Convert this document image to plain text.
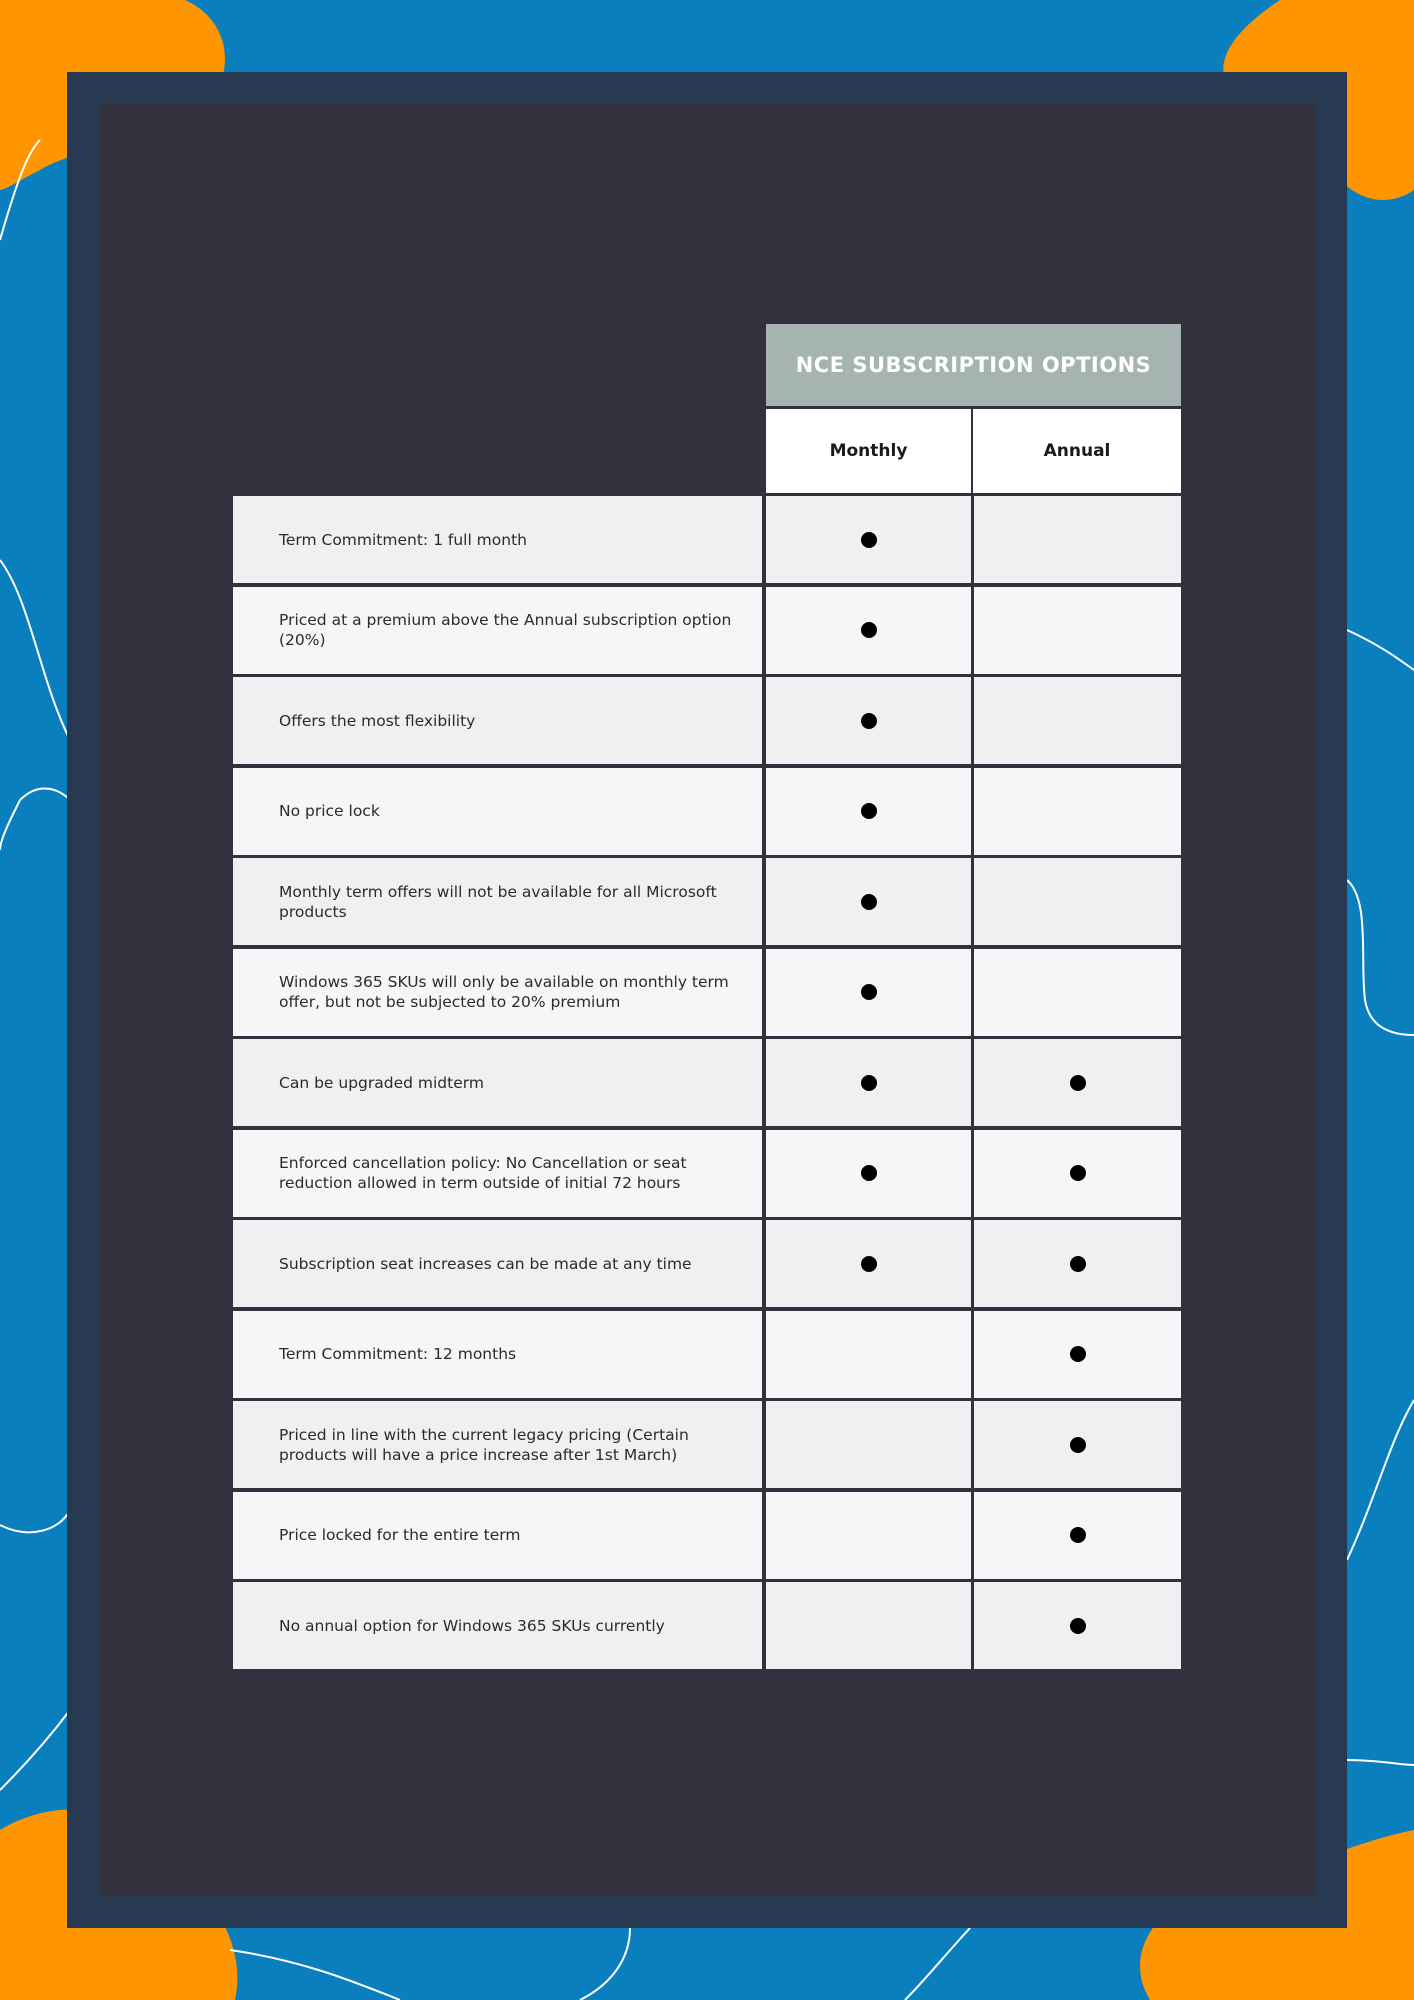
NCE SUBSCRIPTION OPTIONS
Monthly	Annual
Term Commitment: 1 full month
Priced at a premium above the Annual subscription option (20%)
Offers the most flexibility
No price lock
Monthly term offers will not be available for all Microsoft products
Windows 365 SKUs will only be available on monthly term offer, but not be subjected to 20% premium
Can be upgraded midterm
Enforced cancellation policy: No Cancellation or seat reduction allowed in term outside of initial 72 hours
Subscription seat increases can be made at any time
Term Commitment: 12 months
Priced in line with the current legacy pricing (Certain products will have a price increase after 1st March)
Price locked for the entire term
No annual option for Windows 365 SKUs currently
